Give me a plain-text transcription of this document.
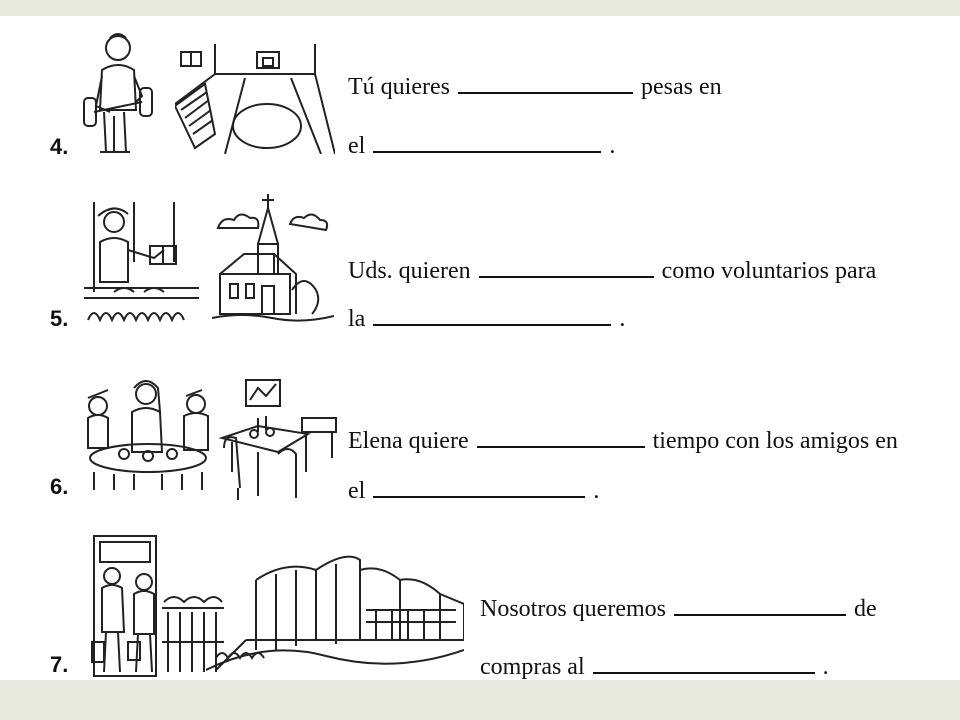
Tú quieres	pesas en
4.	el	.
Uds. quieren	como voluntarios para
5.	la	.
Elena quiere	tiempo con los amigos en
6.	el	.
Nosotros queremos	de
7.	compras al	.
